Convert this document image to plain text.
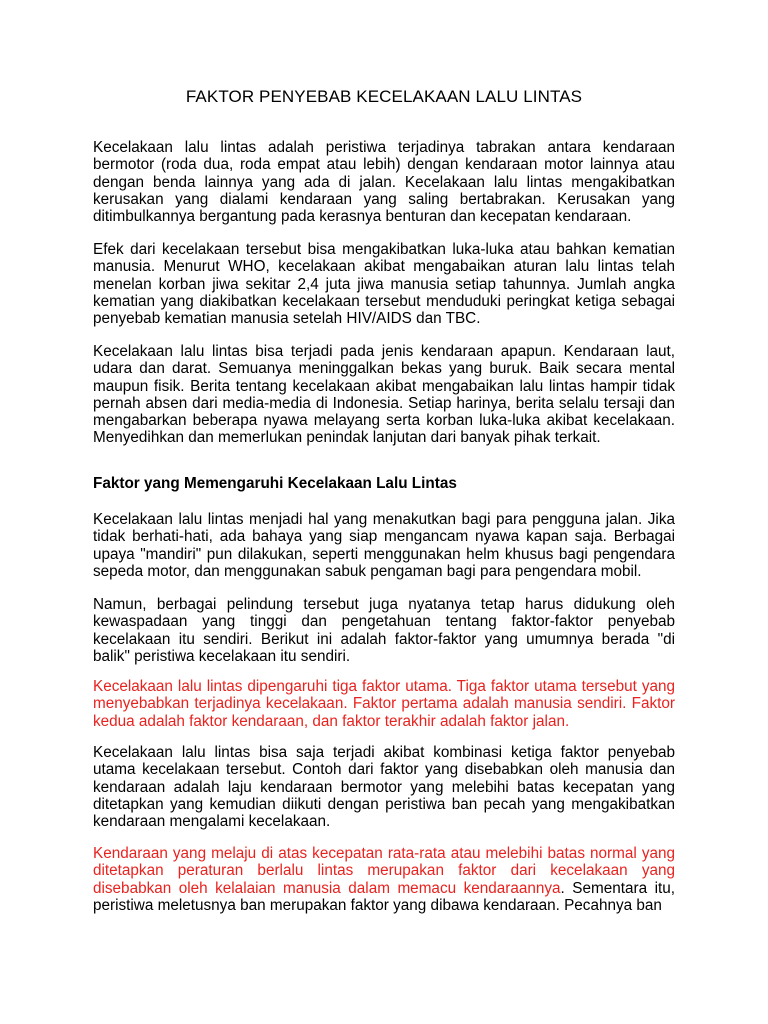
FAKTOR PENYEBAB KECELAKAAN LALU LINTAS

Kecelakaan lalu lintas adalah peristiwa terjadinya tabrakan antara kendaraan bermotor (roda dua, roda empat atau lebih) dengan kendaraan motor lainnya atau dengan benda lainnya yang ada di jalan. Kecelakaan lalu lintas mengakibatkan kerusakan yang dialami kendaraan yang saling bertabrakan. Kerusakan yang ditimbulkannya bergantung pada kerasnya benturan dan kecepatan kendaraan.

Efek dari kecelakaan tersebut bisa mengakibatkan luka-luka atau bahkan kematian manusia. Menurut WHO, kecelakaan akibat mengabaikan aturan lalu lintas telah menelan korban jiwa sekitar 2,4 juta jiwa manusia setiap tahunnya. Jumlah angka kematian yang diakibatkan kecelakaan tersebut menduduki peringkat ketiga sebagai penyebab kematian manusia setelah HIV/AIDS dan TBC.

Kecelakaan lalu lintas bisa terjadi pada jenis kendaraan apapun. Kendaraan laut, udara dan darat. Semuanya meninggalkan bekas yang buruk. Baik secara mental maupun fisik. Berita tentang kecelakaan akibat mengabaikan lalu lintas hampir tidak pernah absen dari media-media di Indonesia. Setiap harinya, berita selalu tersaji dan mengabarkan beberapa nyawa melayang serta korban luka-luka akibat kecelakaan. Menyedihkan dan memerlukan penindak lanjutan dari banyak pihak terkait.

Faktor yang Memengaruhi Kecelakaan Lalu Lintas

Kecelakaan lalu lintas menjadi hal yang menakutkan bagi para pengguna jalan. Jika tidak berhati-hati, ada bahaya yang siap mengancam nyawa kapan saja. Berbagai upaya "mandiri" pun dilakukan, seperti menggunakan helm khusus bagi pengendara sepeda motor, dan menggunakan sabuk pengaman bagi para pengendara mobil.

Namun, berbagai pelindung tersebut juga nyatanya tetap harus didukung oleh kewaspadaan yang tinggi dan pengetahuan tentang faktor-faktor penyebab kecelakaan itu sendiri. Berikut ini adalah faktor-faktor yang umumnya berada "di balik" peristiwa kecelakaan itu sendiri.

Kecelakaan lalu lintas dipengaruhi tiga faktor utama. Tiga faktor utama tersebut yang menyebabkan terjadinya kecelakaan. Faktor pertama adalah manusia sendiri. Faktor kedua adalah faktor kendaraan, dan faktor terakhir adalah faktor jalan.

Kecelakaan lalu lintas bisa saja terjadi akibat kombinasi ketiga faktor penyebab utama kecelakaan tersebut. Contoh dari faktor yang disebabkan oleh manusia dan kendaraan adalah laju kendaraan bermotor yang melebihi batas kecepatan yang ditetapkan yang kemudian diikuti dengan peristiwa ban pecah yang mengakibatkan kendaraan mengalami kecelakaan.

Kendaraan yang melaju di atas kecepatan rata-rata atau melebihi batas normal yang ditetapkan peraturan berlalu lintas merupakan faktor dari kecelakaan yang disebabkan oleh kelalaian manusia dalam memacu kendaraannya. Sementara itu, peristiwa meletusnya ban merupakan faktor yang dibawa kendaraan. Pecahnya ban
